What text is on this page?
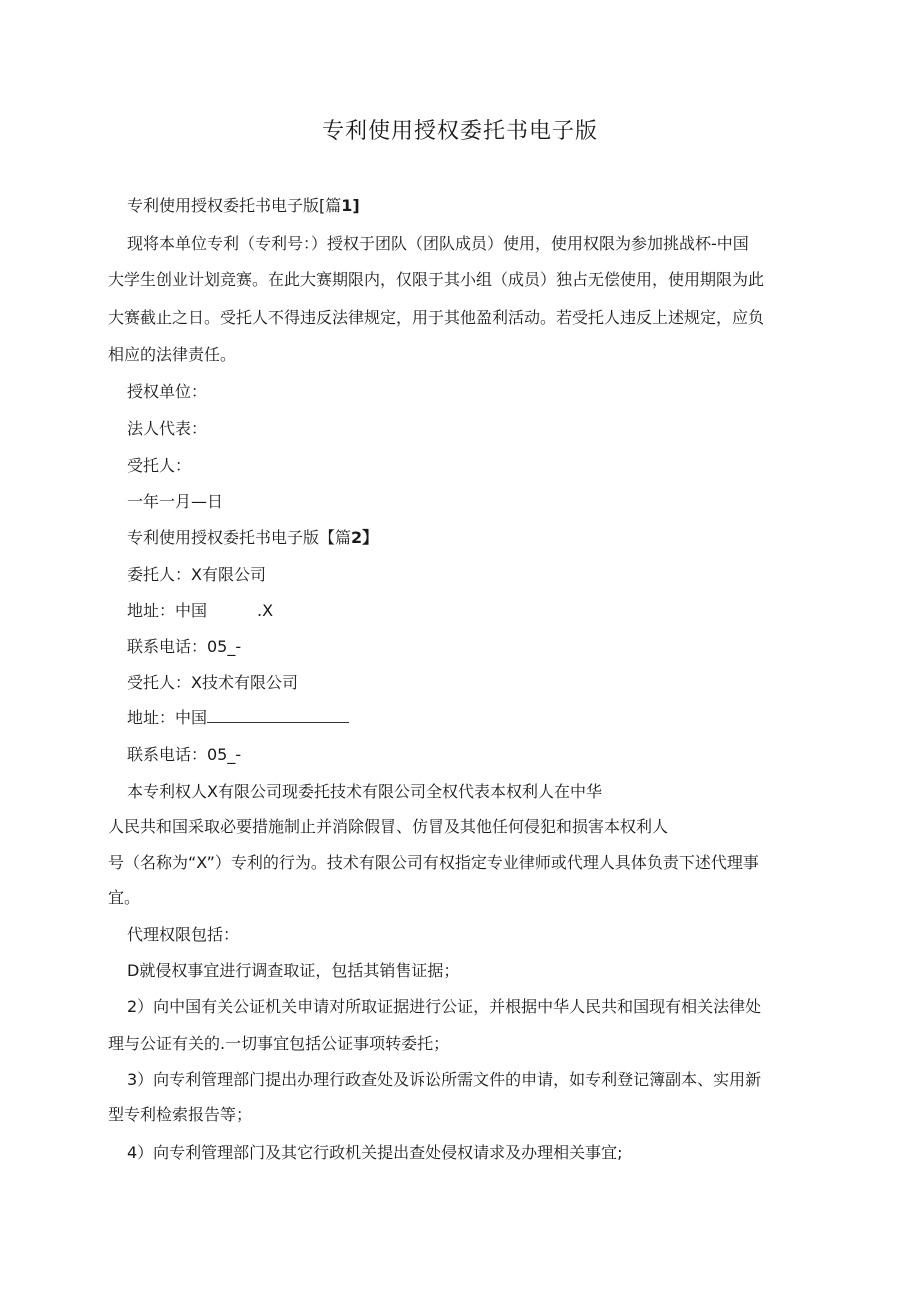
专利使用授权委托书电子版
专利使用授权委托书电子版[篇1]
现将本单位专利（专利号：）授权于团队（团队成员）使用，使用权限为参加挑战杯-中国
大学生创业计划竞赛。在此大赛期限内，仅限于其小组（成员）独占无偿使用，使用期限为此
大赛截止之日。受托人不得违反法律规定，用于其他盈利活动。若受托人违反上述规定，应负
相应的法律责任。
授权单位：
法人代表：
受托人：
一年一月—日
专利使用授权委托书电子版【篇2】
委托人：X有限公司
地址：中国	.X
联系电话：05_-
受托人：X技术有限公司
地址：中国
联系电话：05_-
本专利权人X有限公司现委托技术有限公司全权代表本权利人在中华
人民共和国采取必要措施制止并消除假冒、仿冒及其他任何侵犯和损害本权利人
号（名称为“X”）专利的行为。技术有限公司有权指定专业律师或代理人具体负责下述代理事
宜。
代理权限包括：
D就侵权事宜进行调查取证，包括其销售证据；
2）向中国有关公证机关申请对所取证据进行公证，并根据中华人民共和国现有相关法律处
理与公证有关的.一切事宜包括公证事项转委托；
3）向专利管理部门提出办理行政查处及诉讼所需文件的申请，如专利登记簿副本、实用新
型专利检索报告等；
4）向专利管理部门及其它行政机关提出查处侵权请求及办理相关事宜;
